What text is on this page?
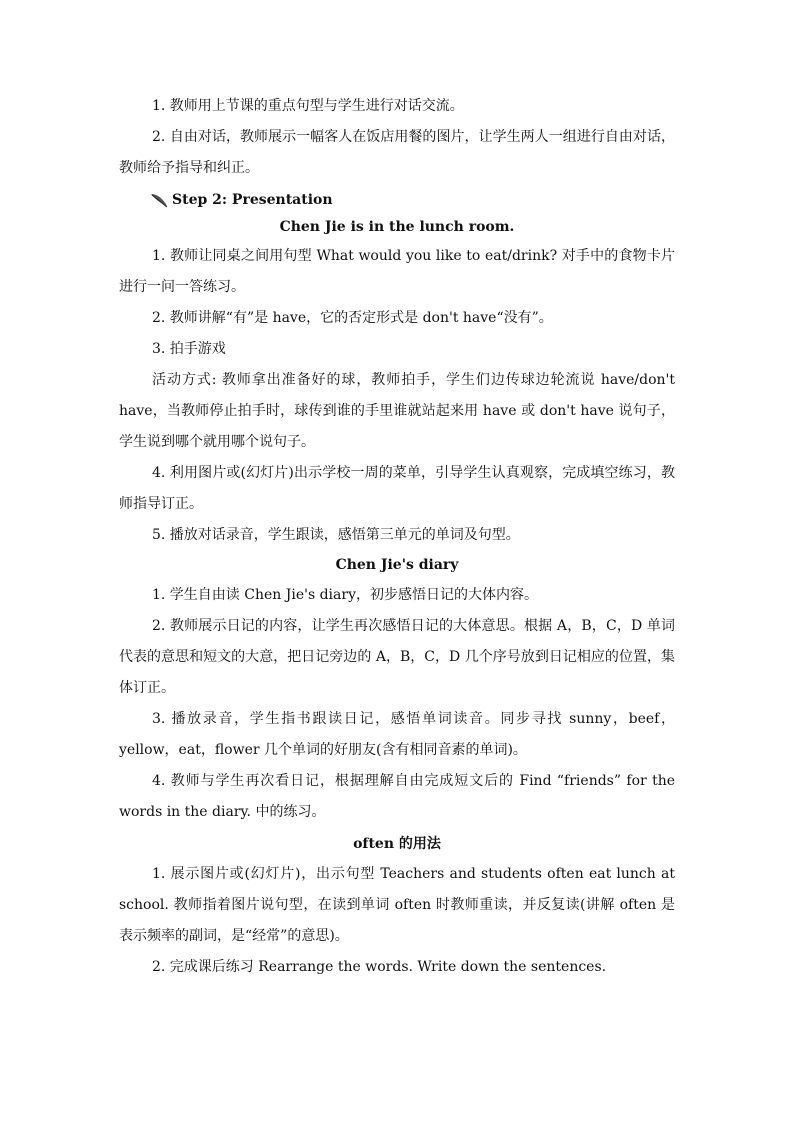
1. 教师用上节课的重点句型与学生进行对话交流。

2. 自由对话，教师展示一幅客人在饭店用餐的图片，让学生两人一组进行自由对话，教师给予指导和纠正。

Step 2: Presentation
Chen Jie is in the lunch room.

1. 教师让同桌之间用句型 What would you like to eat/drink? 对手中的食物卡片进行一问一答练习。

2. 教师讲解“有”是 have，它的否定形式是 don't have“没有”。

3. 拍手游戏

活动方式: 教师拿出准备好的球，教师拍手，学生们边传球边轮流说 have/don't have，当教师停止拍手时，球传到谁的手里谁就站起来用 have 或 don't have 说句子，学生说到哪个就用哪个说句子。

4. 利用图片或(幻灯片)出示学校一周的菜单，引导学生认真观察，完成填空练习，教师指导订正。

5. 播放对话录音，学生跟读，感悟第三单元的单词及句型。

Chen Jie's diary

1. 学生自由读 Chen Jie's diary，初步感悟日记的大体内容。

2. 教师展示日记的内容，让学生再次感悟日记的大体意思。根据 A，B，C，D 单词代表的意思和短文的大意，把日记旁边的 A，B，C，D 几个序号放到日记相应的位置，集体订正。

3. 播放录音，学生指书跟读日记，感悟单词读音。同步寻找 sunny，beef，yellow，eat，flower 几个单词的好朋友(含有相同音素的单词)。

4. 教师与学生再次看日记，根据理解自由完成短文后的 Find “friends” for the words in the diary. 中的练习。

often 的用法

1. 展示图片或(幻灯片)，出示句型 Teachers and students often eat lunch at school. 教师指着图片说句型，在读到单词 often 时教师重读，并反复读(讲解 often 是表示频率的副词，是“经常”的意思)。

2. 完成课后练习 Rearrange the words. Write down the sentences.
